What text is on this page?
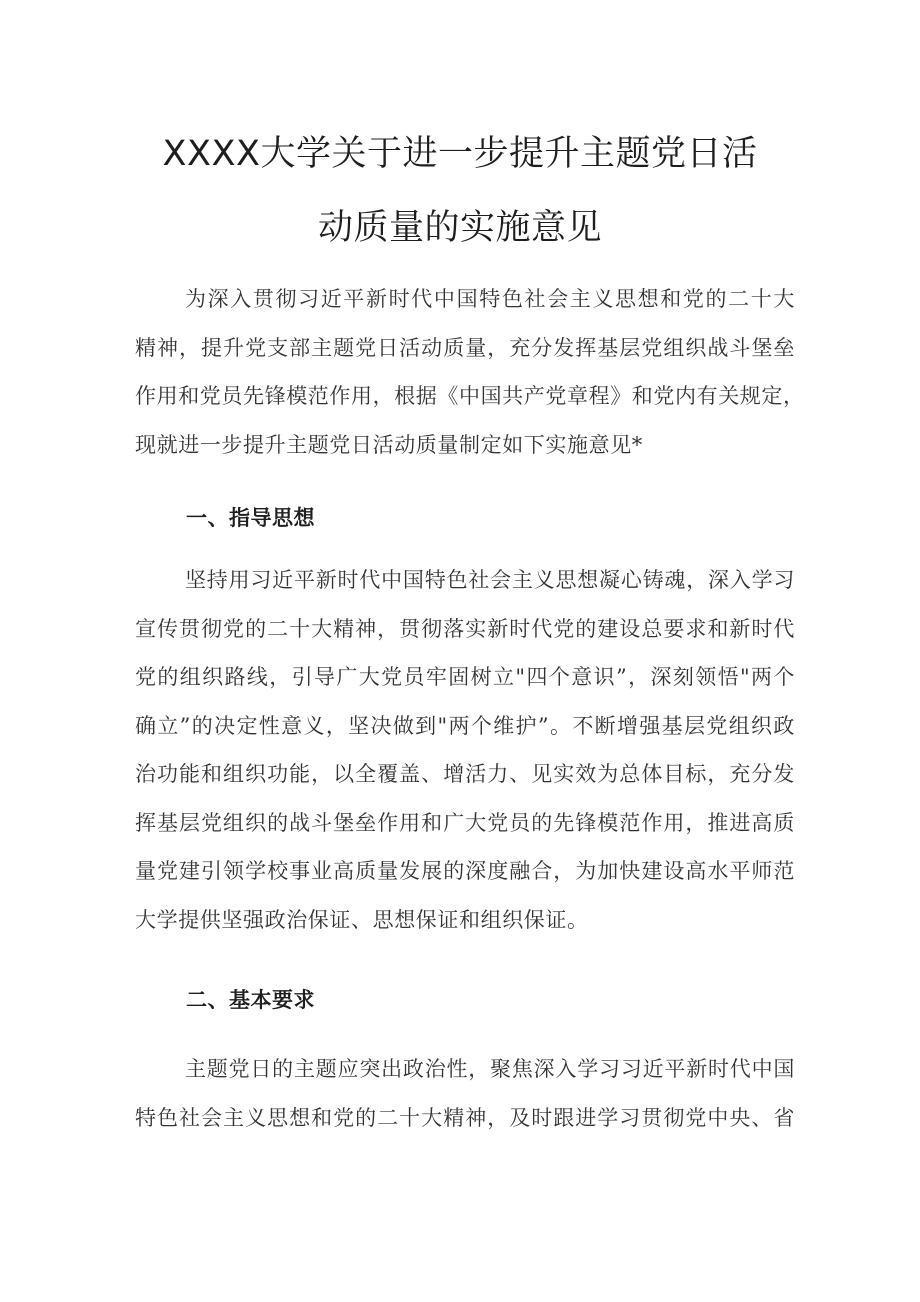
XXXX大学关于进一步提升主题党日活
动质量的实施意见
为深入贯彻习近平新时代中国特色社会主义思想和党的二十大
精神，提升党支部主题党日活动质量，充分发挥基层党组织战斗堡垒
作用和党员先锋模范作用，根据《中国共产党章程》和党内有关规定，
现就进一步提升主题党日活动质量制定如下实施意见*
一、指导思想
坚持用习近平新时代中国特色社会主义思想凝心铸魂，深入学习
宣传贯彻党的二十大精神，贯彻落实新时代党的建设总要求和新时代
党的组织路线，引导广大党员牢固树立"四个意识”，深刻领悟"两个
确立”的决定性意义，坚决做到"两个维护”。不断增强基层党组织政
治功能和组织功能，以全覆盖、增活力、见实效为总体目标，充分发
挥基层党组织的战斗堡垒作用和广大党员的先锋模范作用，推进高质
量党建引领学校事业高质量发展的深度融合，为加快建设高水平师范
大学提供坚强政治保证、思想保证和组织保证。
二、基本要求
主题党日的主题应突出政治性，聚焦深入学习习近平新时代中国
特色社会主义思想和党的二十大精神，及时跟进学习贯彻党中央、省
